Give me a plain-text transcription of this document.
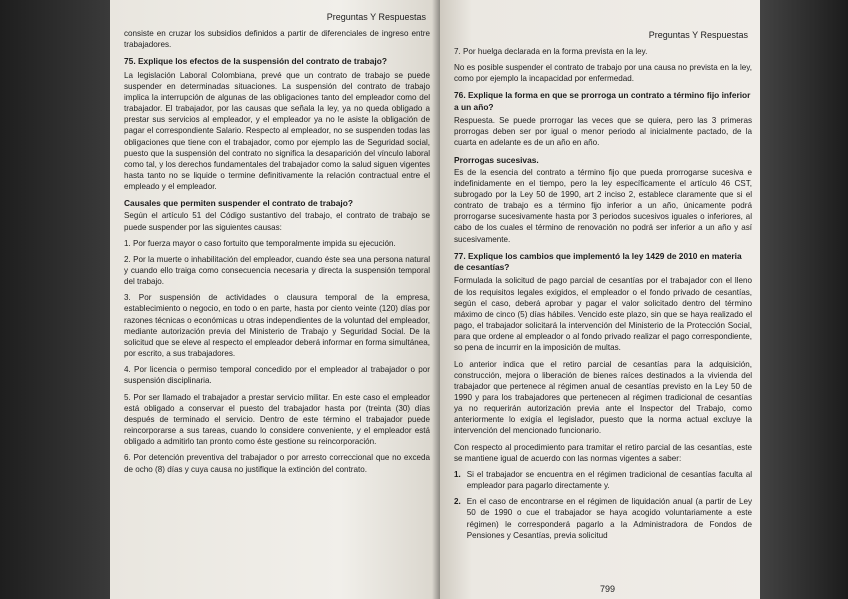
Preguntas Y Respuestas

consiste en cruzar los subsidios definidos a partir de diferenciales de ingreso entre trabajadores.

75. Explique los efectos de la suspensión del contrato de trabajo?

La legislación Laboral Colombiana, prevé que un contrato de trabajo se puede suspender en determinadas situaciones. La suspensión del contrato de trabajo implica la interrupción de algunas de las obligaciones tanto del empleador como del trabajador. El trabajador, por las causas que señala la ley, ya no queda obligado a prestar sus servicios al empleador, y el empleador ya no le asiste la obligación de pagar el correspondiente Salario. Respecto al empleador, no se suspenden todas las obligaciones que tiene con el trabajador, como por ejemplo las de Seguridad social, puesto que la suspensión del contrato no significa la desaparición del vínculo laboral como tal, y los derechos fundamentales del trabajador como la salud siguen vigentes hasta tanto no se liquide o termine definitivamente la relación contractual entre el empleado y el empleador.

Causales que permiten suspender el contrato de trabajo?

Según el artículo 51 del Código sustantivo del trabajo, el contrato de trabajo se puede suspender por las siguientes causas:

1. Por fuerza mayor o caso fortuito que temporalmente impida su ejecución.

2. Por la muerte o inhabilitación del empleador, cuando éste sea una persona natural y cuando ello traiga como consecuencia necesaria y directa la suspensión temporal del trabajo.

3. Por suspensión de actividades o clausura temporal de la empresa, establecimiento o negocio, en todo o en parte, hasta por ciento veinte (120) días por razones técnicas o económicas u otras independientes de la voluntad del empleador, mediante autorización previa del Ministerio de Trabajo y Seguridad Social. De la solicitud que se eleve al respecto el empleador deberá informar en forma simultánea, por escrito, a sus trabajadores.

4. Por licencia o permiso temporal concedido por el empleador al trabajador o por suspensión disciplinaria.

5. Por ser llamado el trabajador a prestar servicio militar. En este caso el empleador está obligado a conservar el puesto del trabajador hasta por (treinta (30) días después de terminado el servicio. Dentro de este término el trabajador puede reincorporarse a sus tareas, cuando lo considere conveniente, y el empleador está obligado a admitirlo tan pronto como éste gestione su reincorporación.

6. Por detención preventiva del trabajador o por arresto correccional que no exceda de ocho (8) días y cuya causa no justifique la extinción del contrato.

Preguntas Y Respuestas

7. Por huelga declarada en la forma prevista en la ley.

No es posible suspender el contrato de trabajo por una causa no prevista en la ley, como por ejemplo la incapacidad por enfermedad.

76. Explique la forma en que se prorroga un contrato a término fijo inferior a un año?

Respuesta. Se puede prorrogar las veces que se quiera, pero las 3 primeras prorrogas deben ser por igual o menor periodo al inicialmente pactado, de la cuarta en adelante es de un año en año.

Prorrogas sucesivas.

Es de la esencia del contrato a término fijo que pueda prorrogarse sucesiva e indefinidamente en el tiempo, pero la ley específicamente el artículo 46 CST, subrogado por la Ley 50 de 1990, art 2 inciso 2, establece claramente que si el contrato de trabajo es a término fijo inferior a un año, únicamente podrá prorrogarse sucesivamente hasta por 3 periodos sucesivos iguales o inferiores, al cabo de los cuales el término de renovación no podrá ser inferior a un año y así sucesivamente.

77. Explique los cambios que implementó la ley 1429 de 2010 en materia de cesantías?

Formulada la solicitud de pago parcial de cesantías por el trabajador con el lleno de los requisitos legales exigidos, el empleador o el fondo privado de cesantías, según el caso, deberá aprobar y pagar el valor solicitado dentro del término máximo de cinco (5) días hábiles. Vencido este plazo, sin que se haya realizado el pago, el trabajador solicitará la intervención del Ministerio de la Protección Social, para que ordene al empleador o al fondo privado realizar el pago correspondiente, so pena de incurrir en la imposición de multas.

Lo anterior indica que el retiro parcial de cesantías para la adquisición, construcción, mejora o liberación de bienes raíces destinados a la vivienda del trabajador que pertenece al régimen anual de cesantías previsto en la Ley 50 de 1990 y para los trabajadores que pertenecen al régimen tradicional de cesantías ya no requerirán autorización previa ante el Inspector del Trabajo, como anteriormente lo exigía el legislador, puesto que la norma actual excluye la intervención del mencionado funcionario.

Con respecto al procedimiento para tramitar el retiro parcial de las cesantías, este se mantiene igual de acuerdo con las normas vigentes a saber:

1. Si el trabajador se encuentra en el régimen tradicional de cesantías faculta al empleador para pagarlo directamente y.
2. En el caso de encontrarse en el régimen de liquidación anual (a partir de Ley 50 de 1990 o cue el trabajador se haya acogido voluntariamente a este régimen) le corresponderá pagarlo a la Administradora de Fondos de Pensiones y Cesantías, previa solicitud
799
